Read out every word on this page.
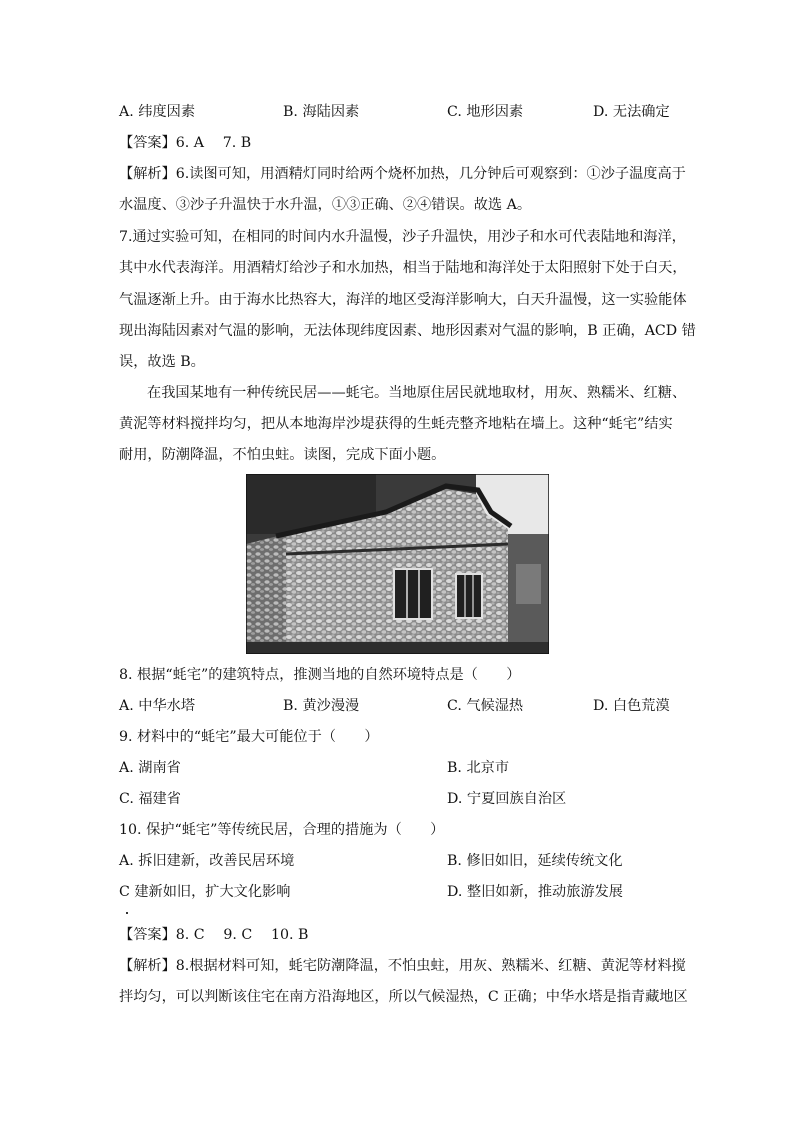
A. 纬度因素	B. 海陆因素	C. 地形因素	D. 无法确定
【答案】6. A　 7. B
【解析】6.读图可知，用酒精灯同时给两个烧杯加热，几分钟后可观察到：①沙子温度高于
水温度、③沙子升温快于水升温，①③正确、②④错误。故选 A。
7.通过实验可知，在相同的时间内水升温慢，沙子升温快，用沙子和水可代表陆地和海洋，
其中水代表海洋。用酒精灯给沙子和水加热，相当于陆地和海洋处于太阳照射下处于白天，
气温逐渐上升。由于海水比热容大，海洋的地区受海洋影响大，白天升温慢，这一实验能体
现出海陆因素对气温的影响，无法体现纬度因素、地形因素对气温的影响，B 正确，ACD 错
误，故选 B。
在我国某地有一种传统民居——蚝宅。当地原住居民就地取材，用灰、熟糯米、红糖、
黄泥等材料搅拌均匀，把从本地海岸沙堤获得的生蚝壳整齐地粘在墙上。这种“蚝宅”结实
耐用，防潮降温，不怕虫蛀。读图，完成下面小题。
8. 根据“蚝宅”的建筑特点，推测当地的自然环境特点是（　　）
A. 中华水塔	B. 黄沙漫漫	C. 气候湿热	D. 白色荒漠
9. 材料中的“蚝宅”最大可能位于（　　）
A. 湖南省	B. 北京市
C. 福建省	D. 宁夏回族自治区
10. 保护“蚝宅”等传统民居，合理的措施为（　　）
A. 拆旧建新，改善民居环境	B. 修旧如旧，延续传统文化
C 建新如旧，扩大文化影响	D. 整旧如新，推动旅游发展
【答案】8. C　 9. C　 10. B
【解析】8.根据材料可知，蚝宅防潮降温，不怕虫蛀，用灰、熟糯米、红糖、黄泥等材料搅
拌均匀，可以判断该住宅在南方沿海地区，所以气候湿热，C 正确；中华水塔是指青藏地区
